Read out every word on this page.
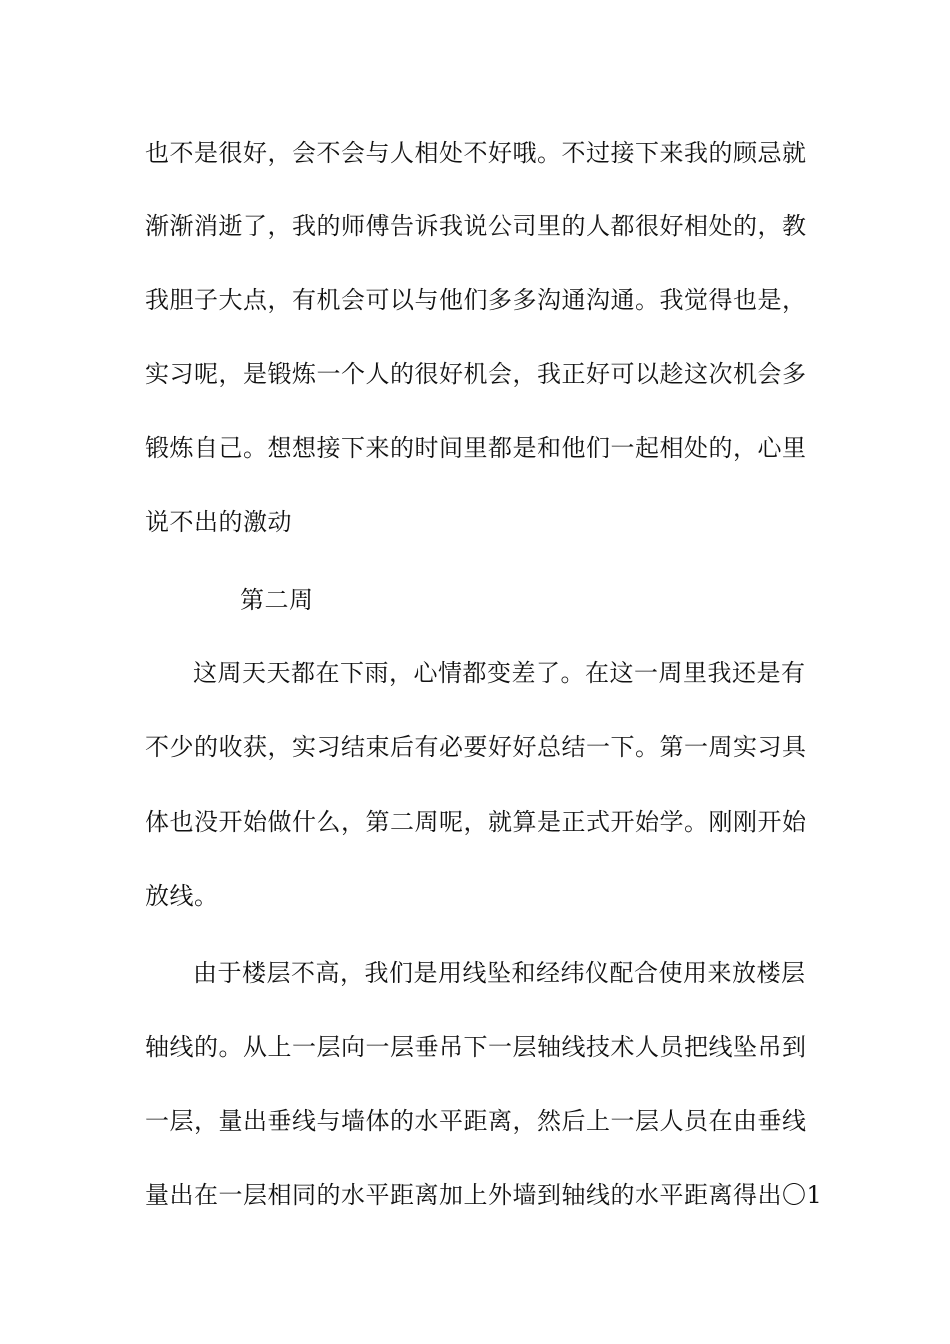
也不是很好，会不会与人相处不好哦。不过接下来我的顾忌就
渐渐消逝了，我的师傅告诉我说公司里的人都很好相处的，教
我胆子大点，有机会可以与他们多多沟通沟通。我觉得也是，
实习呢，是锻炼一个人的很好机会，我正好可以趁这次机会多
锻炼自己。想想接下来的时间里都是和他们一起相处的，心里
说不出的激动
第二周
这周天天都在下雨，心情都变差了。在这一周里我还是有
不少的收获，实习结束后有必要好好总结一下。第一周实习具
体也没开始做什么，第二周呢，就算是正式开始学。刚刚开始
放线。
由于楼层不高，我们是用线坠和经纬仪配合使用来放楼层
轴线的。从上一层向一层垂吊下一层轴线技术人员把线坠吊到
一层，量出垂线与墙体的水平距离，然后上一层人员在由垂线
量出在一层相同的水平距离加上外墙到轴线的水平距离得出〇1
